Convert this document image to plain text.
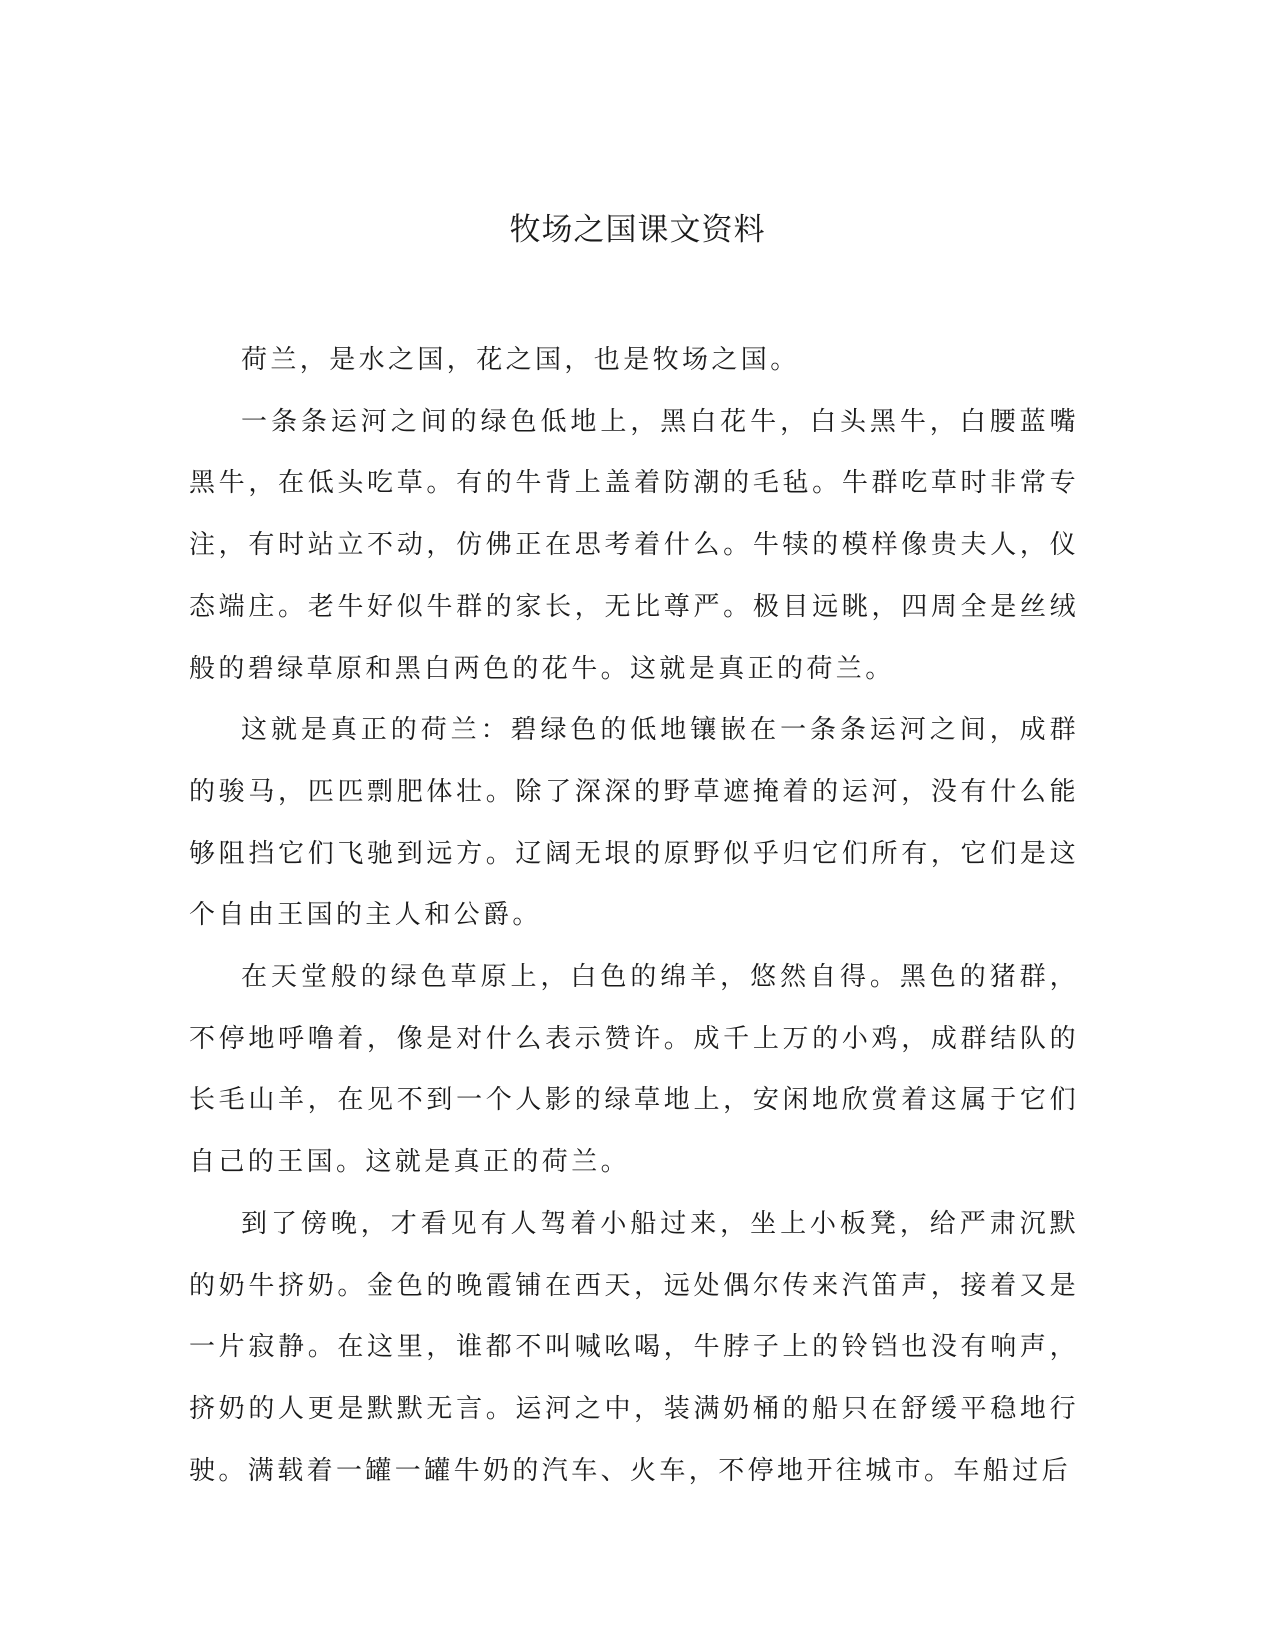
牧场之国课文资料

荷兰，是水之国，花之国，也是牧场之国。

一条条运河之间的绿色低地上，黑白花牛，白头黑牛，白腰蓝嘴黑牛，在低头吃草。有的牛背上盖着防潮的毛毡。牛群吃草时非常专注，有时站立不动，仿佛正在思考着什么。牛犊的模样像贵夫人，仪态端庄。老牛好似牛群的家长，无比尊严。极目远眺，四周全是丝绒般的碧绿草原和黑白两色的花牛。这就是真正的荷兰。

这就是真正的荷兰：碧绿色的低地镶嵌在一条条运河之间，成群的骏马，匹匹剽肥体壮。除了深深的野草遮掩着的运河，没有什么能够阻挡它们飞驰到远方。辽阔无垠的原野似乎归它们所有，它们是这个自由王国的主人和公爵。

在天堂般的绿色草原上，白色的绵羊，悠然自得。黑色的猪群，不停地呼噜着，像是对什么表示赞许。成千上万的小鸡，成群结队的长毛山羊，在见不到一个人影的绿草地上，安闲地欣赏着这属于它们自己的王国。这就是真正的荷兰。

到了傍晚，才看见有人驾着小船过来，坐上小板凳，给严肃沉默的奶牛挤奶。金色的晚霞铺在西天，远处偶尔传来汽笛声，接着又是一片寂静。在这里，谁都不叫喊吆喝，牛脖子上的铃铛也没有响声，挤奶的人更是默默无言。运河之中，装满奶桶的船只在舒缓平稳地行驶。满载着一罐一罐牛奶的汽车、火车，不停地开往城市。车船过后
